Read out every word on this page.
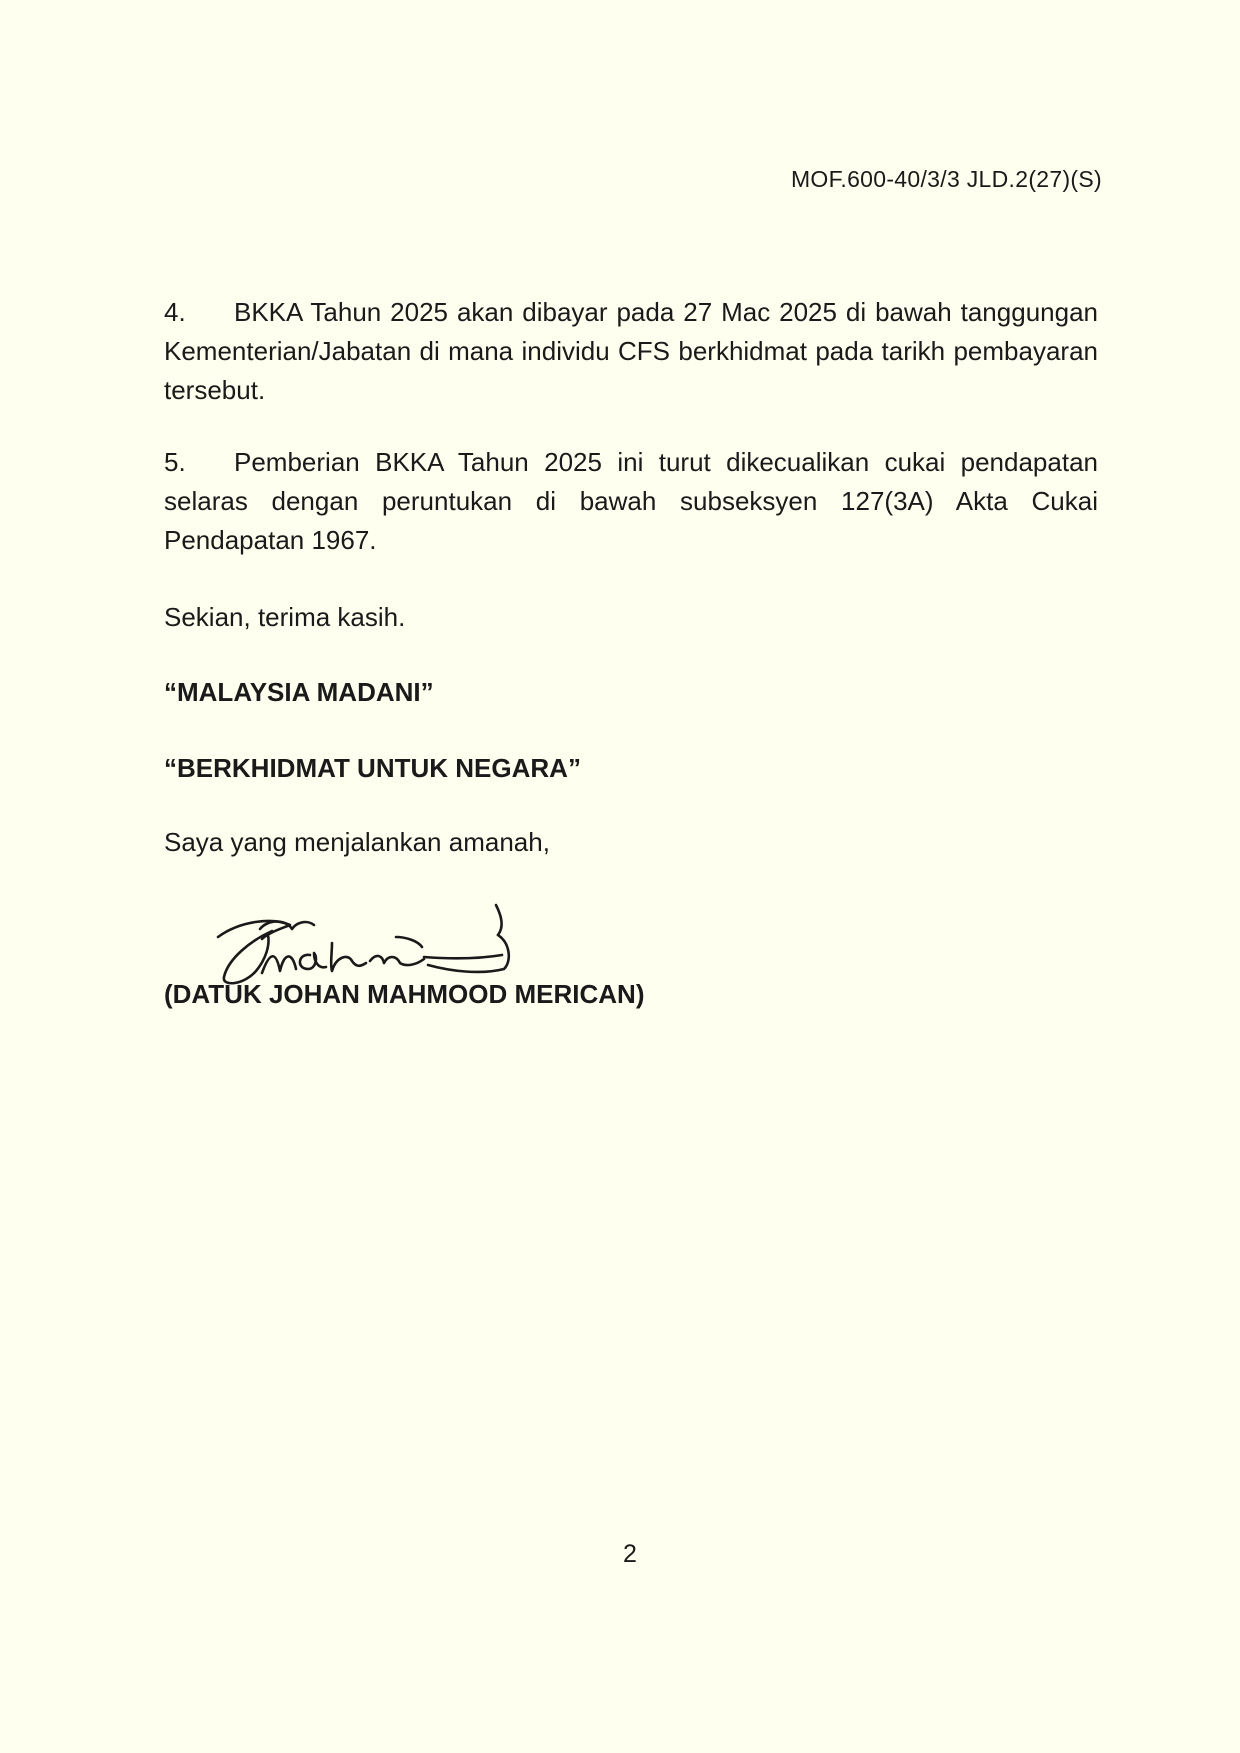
MOF.600-40/3/3 JLD.2(27)(S)
4. BKKA Tahun 2025 akan dibayar pada 27 Mac 2025 di bawah tanggungan Kementerian/Jabatan di mana individu CFS berkhidmat pada tarikh pembayaran tersebut.
5. Pemberian BKKA Tahun 2025 ini turut dikecualikan cukai pendapatan selaras dengan peruntukan di bawah subseksyen 127(3A) Akta Cukai Pendapatan 1967.
Sekian, terima kasih.
“MALAYSIA MADANI”
“BERKHIDMAT UNTUK NEGARA”
Saya yang menjalankan amanah,
(DATUK JOHAN MAHMOOD MERICAN)
2
